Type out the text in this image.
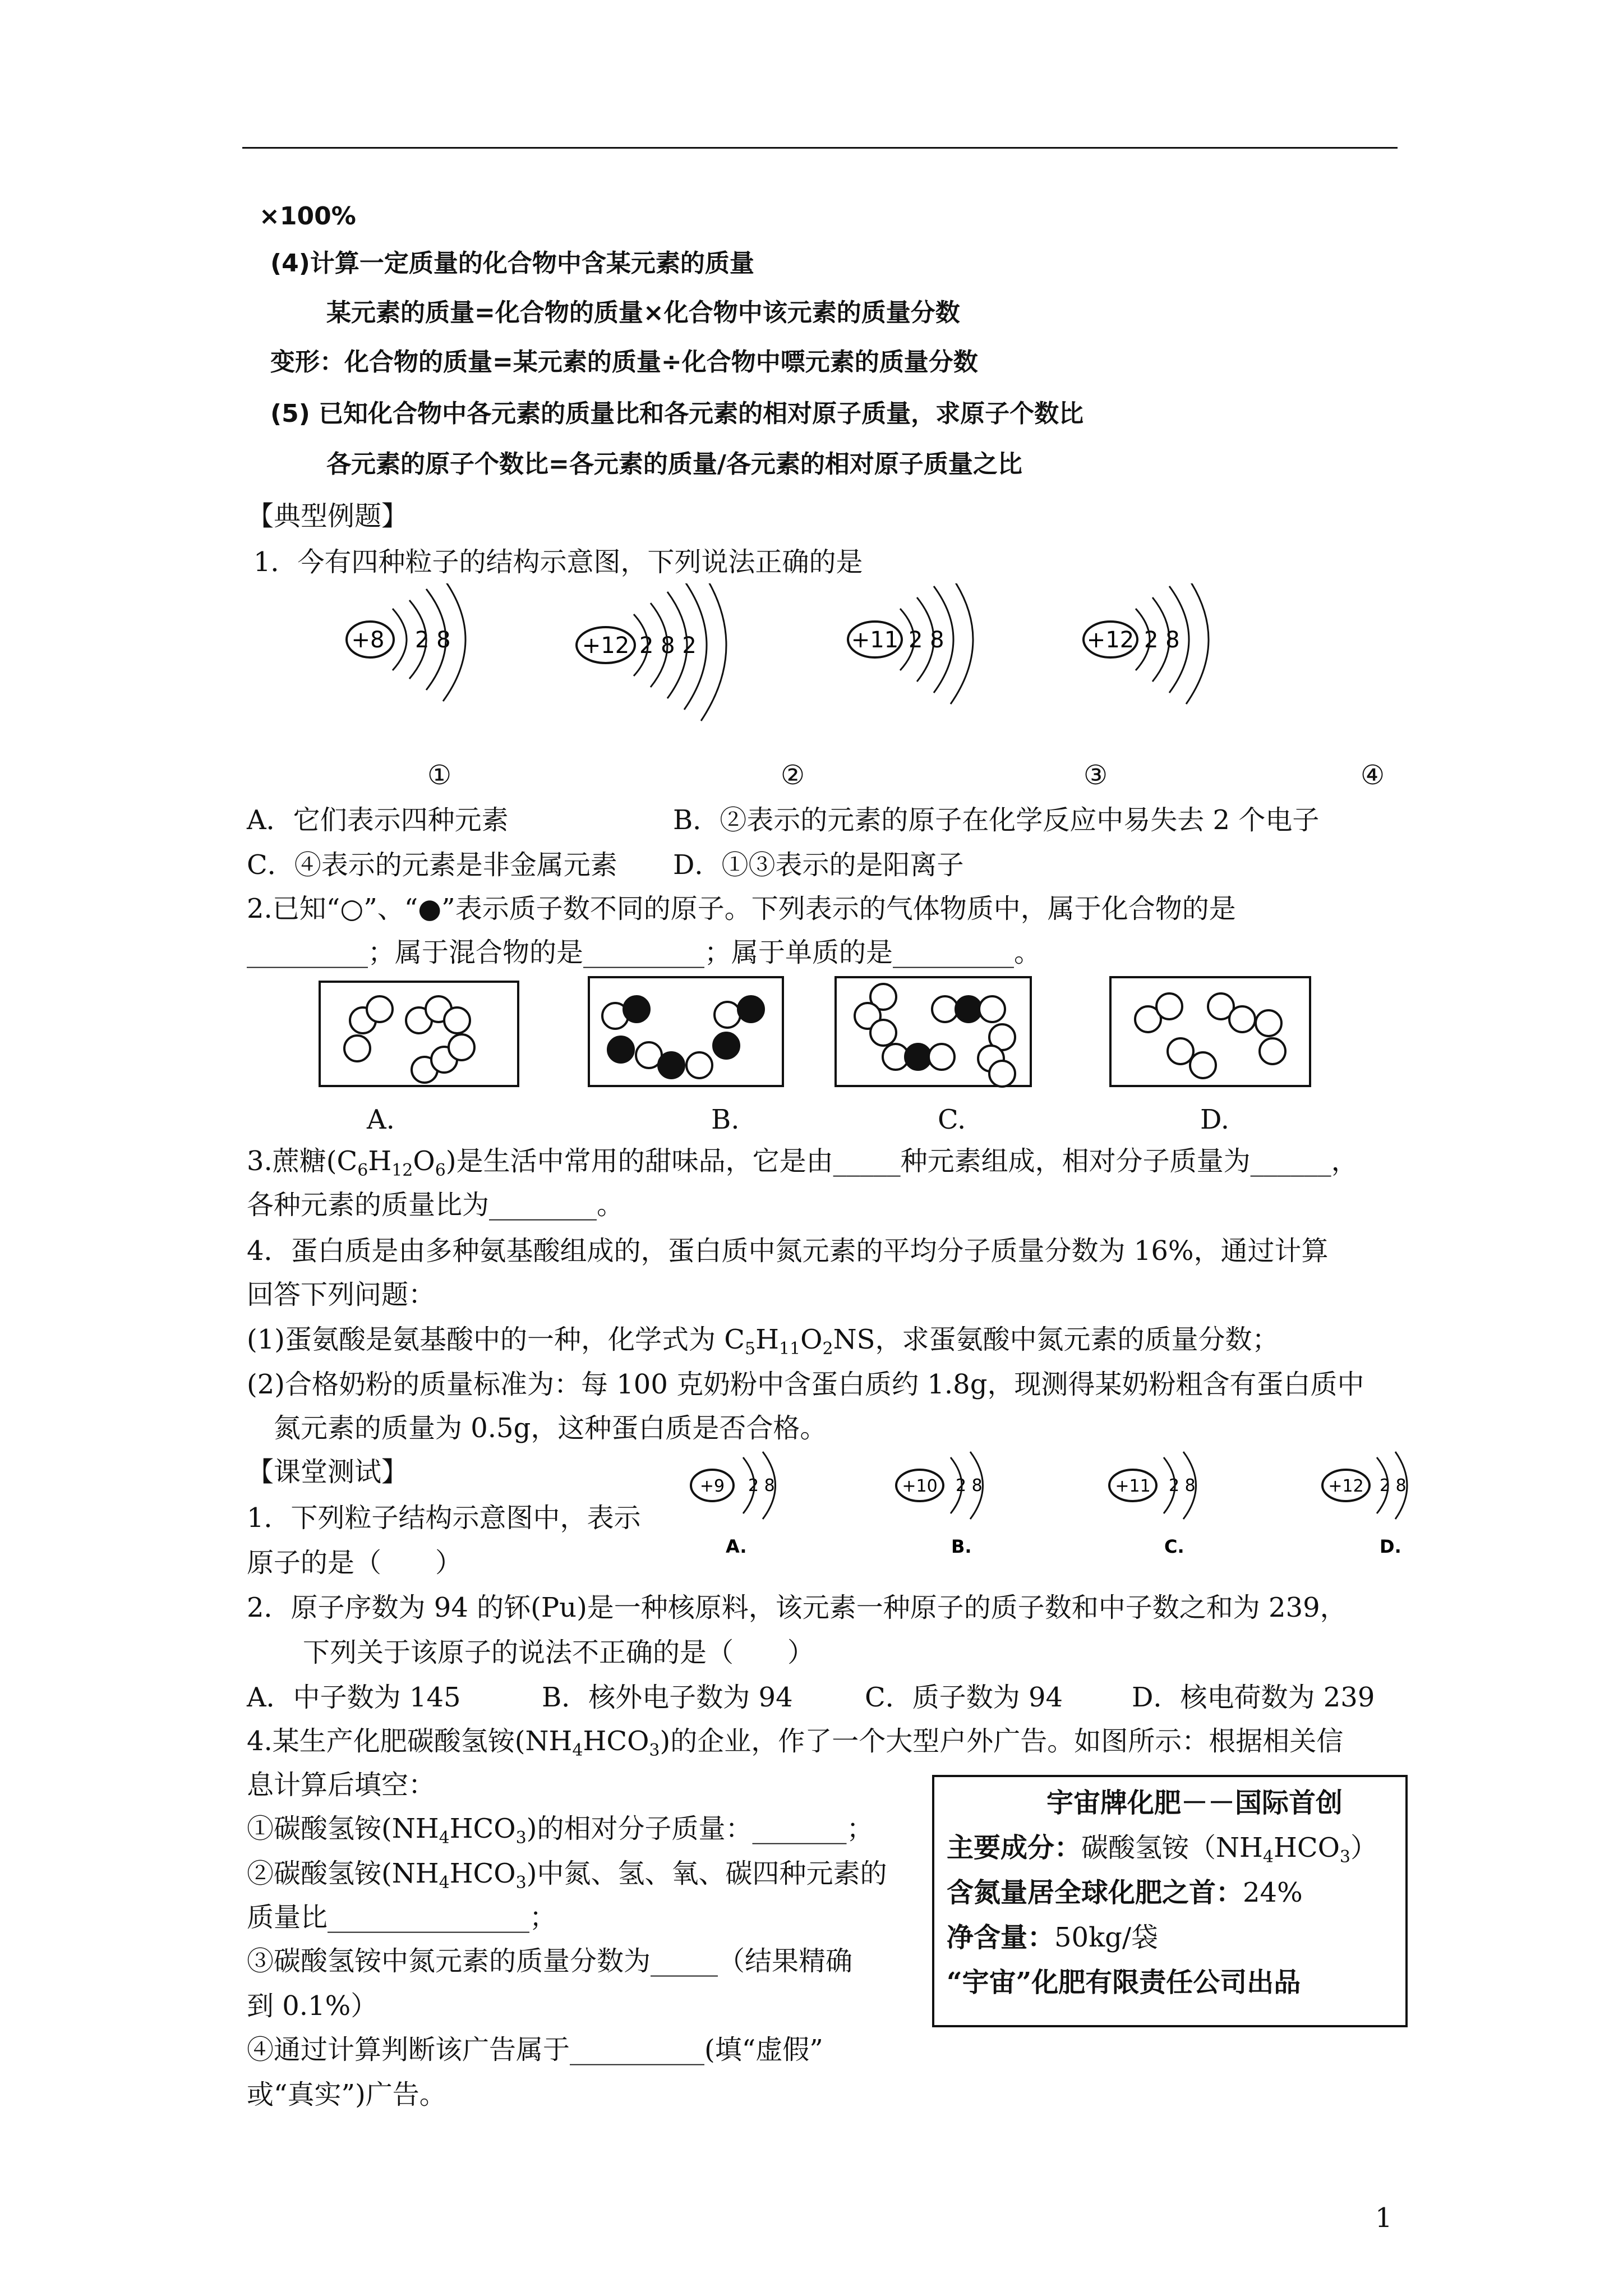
×100%
(4)计算一定质量的化合物中含某元素的质量
某元素的质量=化合物的质量×化合物中该元素的质量分数
变形：化合物的质量=某元素的质量÷化合物中嘌元素的质量分数
(5) 已知化合物中各元素的质量比和各元素的相对原子质量，求原子个数比
各元素的原子个数比=各元素的质量/各元素的相对原子质量之比
【典型例题】
1．今有四种粒子的结构示意图，下列说法正确的是
+8 2 8	+12 2 8 2	+11 2 8	+12 2 8
①	②	③	④
A．它们表示四种元素	B．②表示的元素的原子在化学反应中易失去 2 个电子
C．④表示的元素是非金属元素 D．①③表示的是阳离子
2.已知“○”、“●”表示质子数不同的原子。下列表示的气体物质中，属于化合物的是
_________；属于混合物的是_________；属于单质的是_________。
A.	B.	C.	D.
3.蔗糖$(C_6H_{12}O_6)$是生活中常用的甜味品，它是由_____种元素组成，相对分子质量为______，
各种元素的质量比为________。
4．蛋白质是由多种氨基酸组成的，蛋白质中氮元素的平均分子质量分数为 16%，通过计算
回答下列问题：
(1)蛋氨酸是氨基酸中的一种，化学式为 $C_5H_{11}O_2NS$，求蛋氨酸中氮元素的质量分数；
(2)合格奶粉的质量标准为：每 100 克奶粉中含蛋白质约 1.8g，现测得某奶粉粗含有蛋白质中
氮元素的质量为 0.5g，这种蛋白质是否合格。
【课堂测试】
1．下列粒子结构示意图中，表示
原子的是（　　）
+9 2 8
A.
+10 2 8
B.
+11 2 8
C.
+12 2 8
D.
2．原子序数为 94 的钚(Pu)是一种核原料，该元素一种原子的质子数和中子数之和为 239，
下列关于该原子的说法不正确的是（　　）
A．中子数为 145	B．核外电子数为 94	C．质子数为 94	D．核电荷数为 239
4.某生产化肥碳酸氢铵$(NH_4HCO_3)$的企业，作了一个大型户外广告。如图所示：根据相关信
息计算后填空：
①碳酸氢铵$(NH_4HCO_3)$的相对分子质量：_______；
②碳酸氢铵$(NH_4HCO_3)$中氮、氢、氧、碳四种元素的
质量比_______________；
③碳酸氢铵中氮元素的质量分数为_____（结果精确
到 0.1%）
④通过计算判断该广告属于__________(填“虚假”
或“真实”)广告。
宇宙牌化肥－－国际首创
主要成分：碳酸氢铵$(NH_4HCO_3)$
含氮量居全球化肥之首：24%
净含量：50kg/袋
“宇宙”化肥有限责任公司出品
1
